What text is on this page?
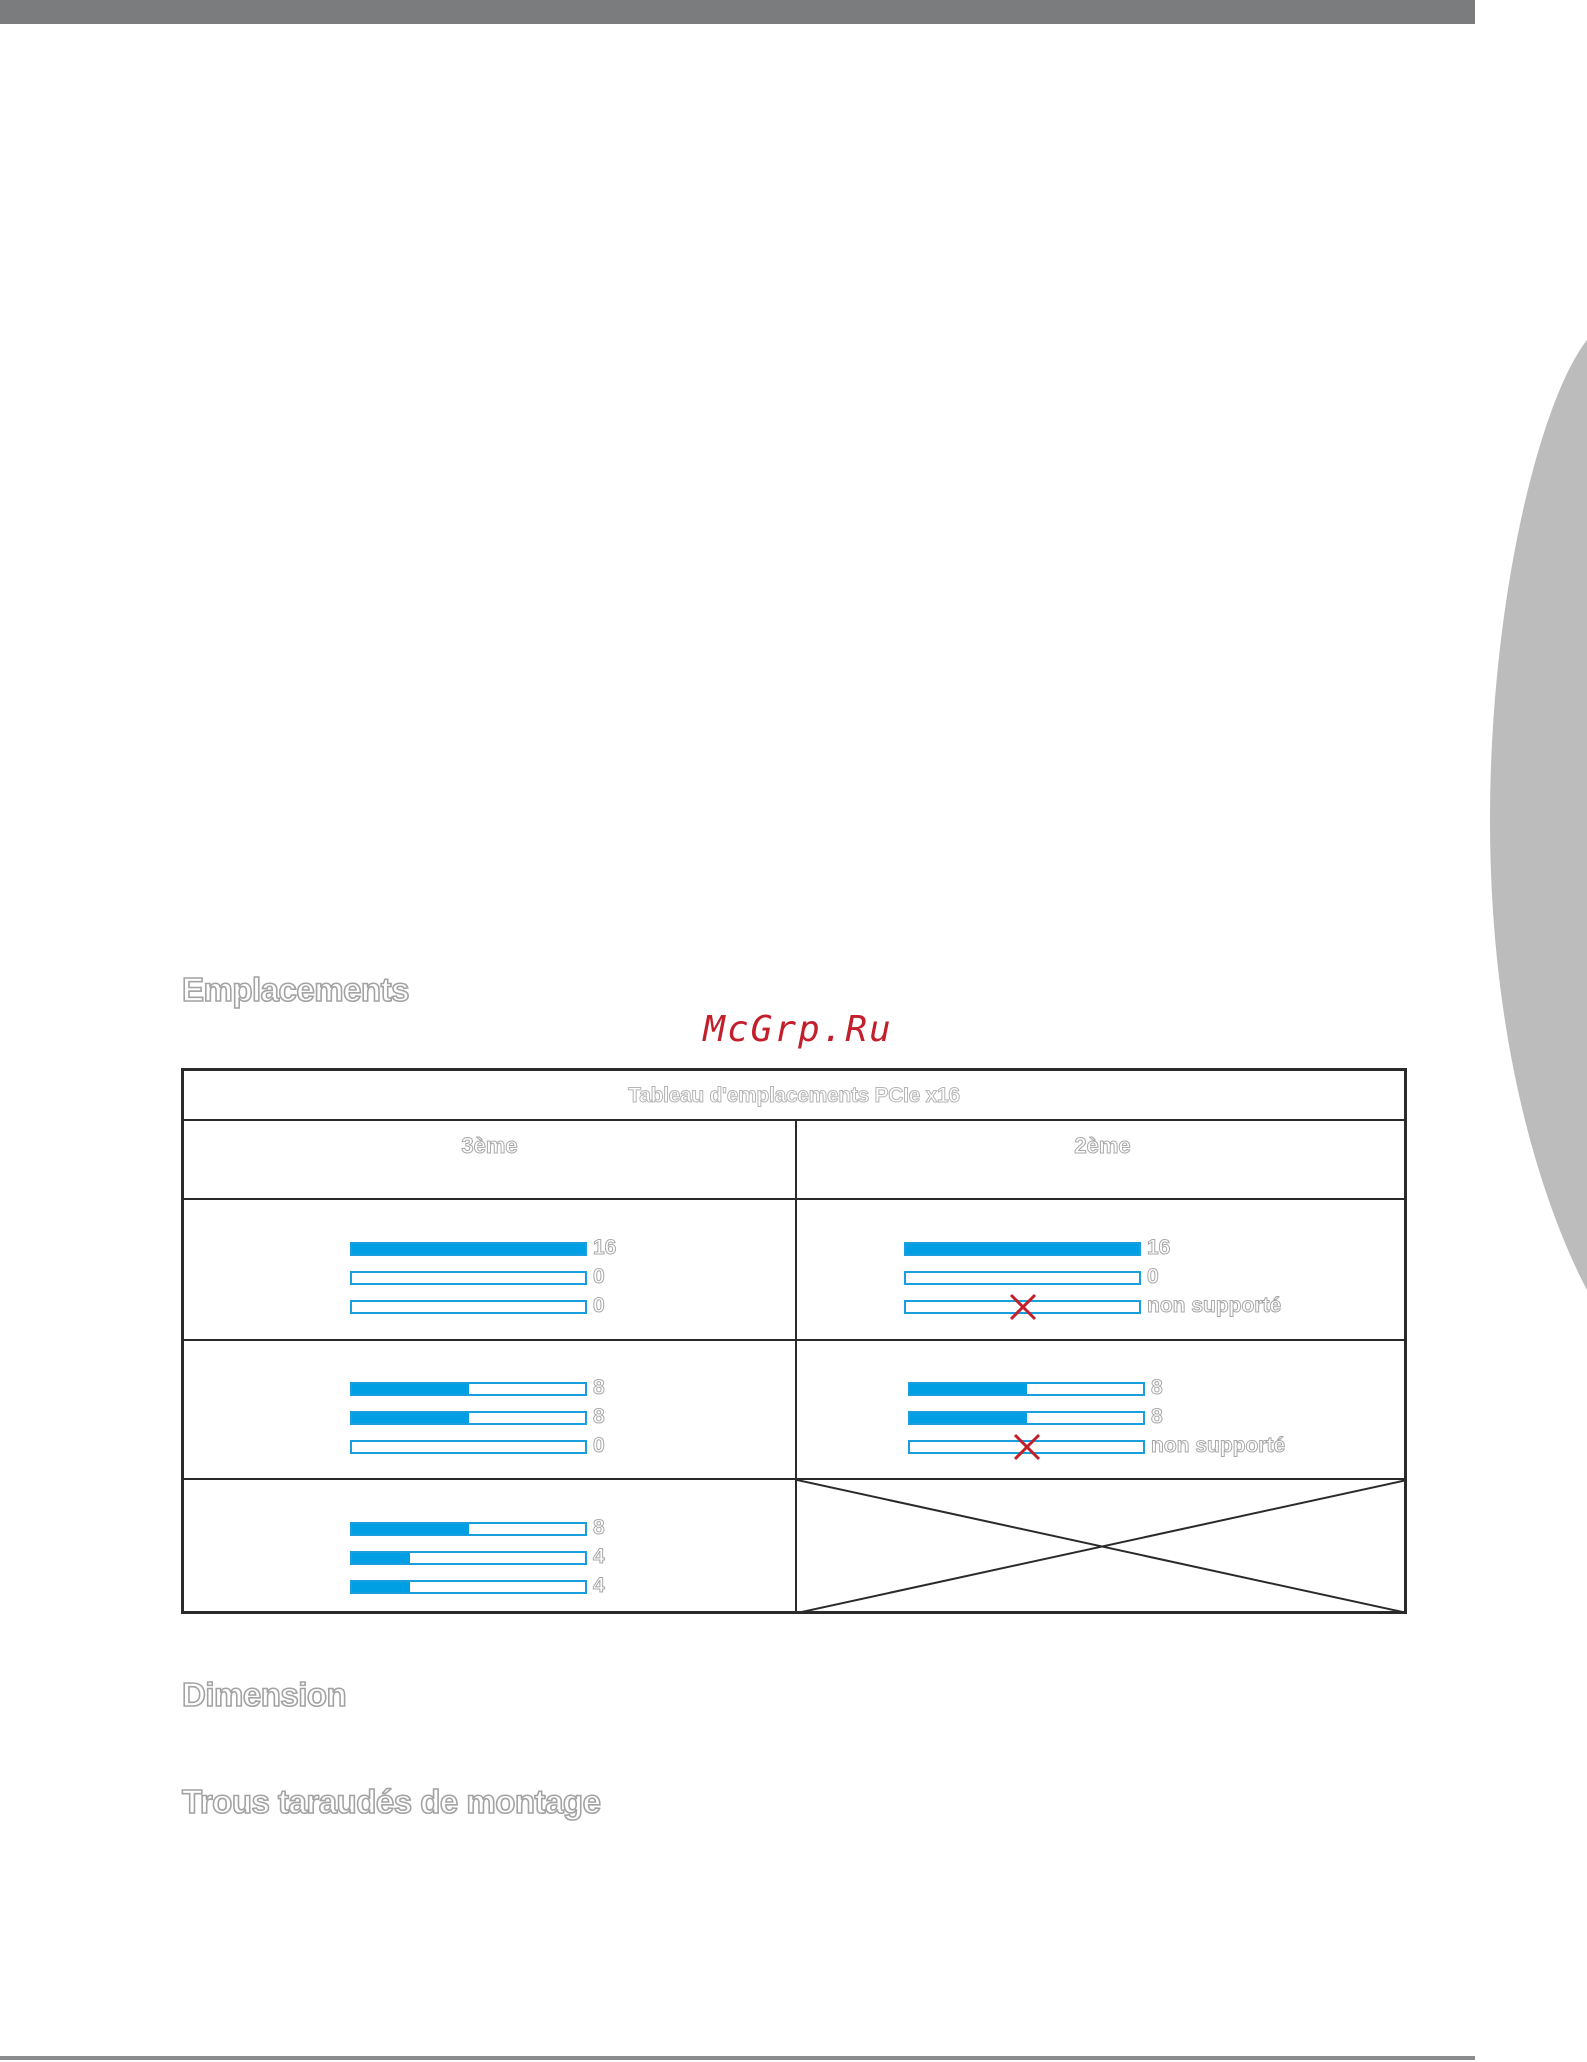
Emplacements
McGrp.Ru
Tableau d'emplacements PCIe x16
3ème	2ème
16
0
0
16
0
non supporté
8
8
0
8
8
non supporté
8
4
4
Dimension
Trous taraudés de montage
